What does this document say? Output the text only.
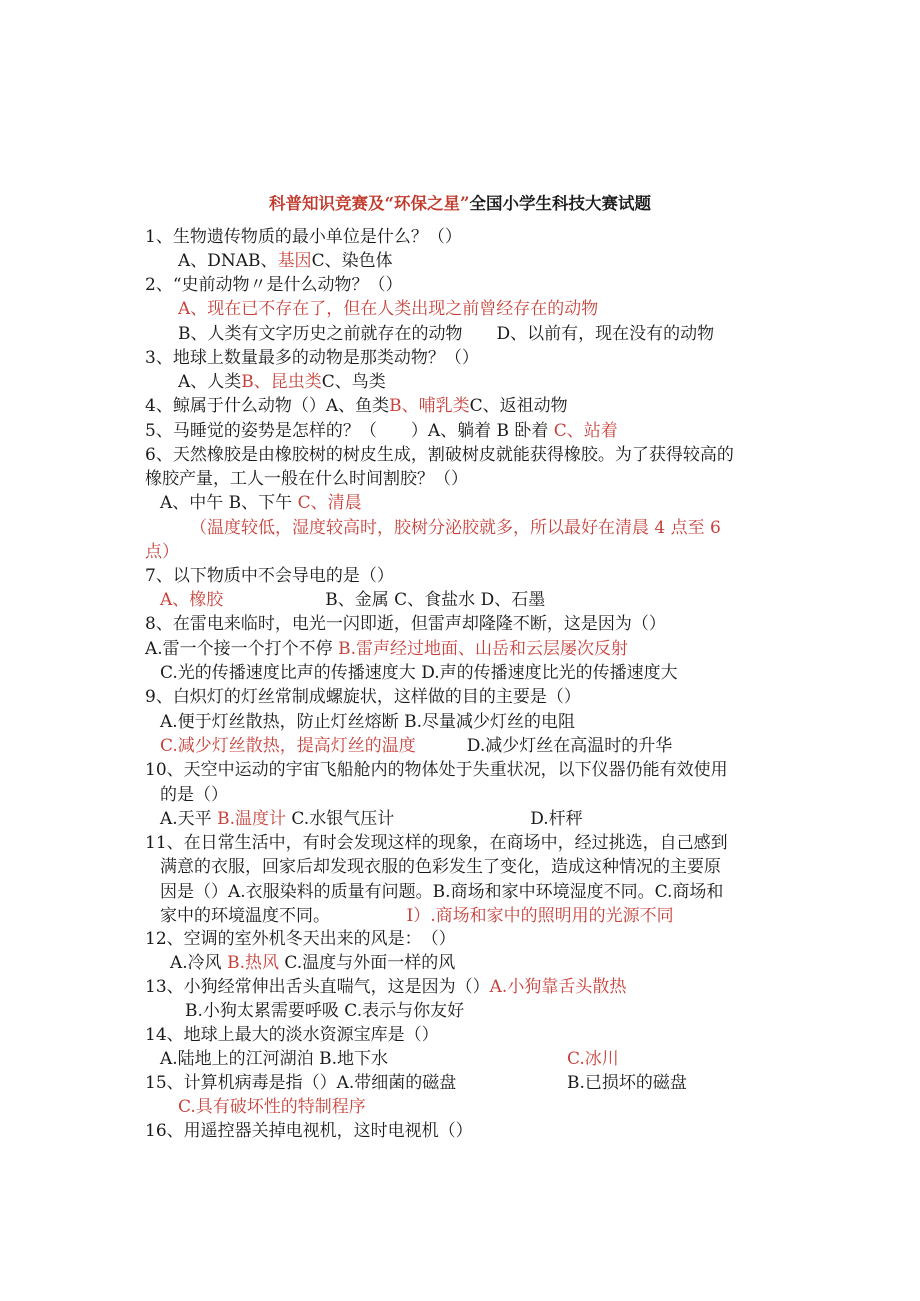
科普知识竞赛及“环保之星”全国小学生科技大赛试题
1、生物遗传物质的最小单位是什么？（）
A、DNAB、基因C、染色体
2、“史前动物〃是什么动物？（）
A、现在已不存在了，但在人类出现之前曾经存在的动物
B、人类有文字历史之前就存在的动物　　D、以前有，现在没有的动物
3、地球上数量最多的动物是那类动物？（）
A、人类B、昆虫类C、鸟类
4、鲸属于什么动物（）A、鱼类B、哺乳类C、返祖动物
5、马睡觉的姿势是怎样的？（　　）A、躺着 B 卧着 C、站着
6、天然橡胶是由橡胶树的树皮生成，割破树皮就能获得橡胶。为了获得较高的
橡胶产量，工人一般在什么时间割胶？（）
A、中午 B、下午 C、清晨
（温度较低，湿度较高时，胶树分泌胶就多，所以最好在清晨 4 点至 6
点）
7、以下物质中不会导电的是（）
A、橡胶　　　　　　B、金属 C、食盐水 D、石墨
8、在雷电来临时，电光一闪即逝，但雷声却隆隆不断，这是因为（）
A.雷一个接一个打个不停 B.雷声经过地面、山岳和云层屡次反射
C.光的传播速度比声的传播速度大 D.声的传播速度比光的传播速度大
9、白炽灯的灯丝常制成螺旋状，这样做的目的主要是（）
A.便于灯丝散热，防止灯丝熔断 B.尽量减少灯丝的电阻
C.减少灯丝散热，提高灯丝的温度　　　D.减少灯丝在高温时的升华
10、天空中运动的宇宙飞船舱内的物体处于失重状况，以下仪器仍能有效使用
的是（）
A.天平 B.温度计 C.水银气压计　　　　　　　　D.杆秤
11、在日常生活中，有时会发现这样的现象，在商场中，经过挑选，自己感到
满意的衣服，回家后却发现衣服的色彩发生了变化，造成这种情况的主要原
因是（）A.衣服染料的质量有问题。B.商场和家中环境湿度不同。C.商场和
家中的环境温度不同。　　　　　I）.商场和家中的照明用的光源不同
12、空调的室外机冬天出来的风是：　（）
A.冷风 B.热风 C.温度与外面一样的风
13、小狗经常伸出舌头直喘气，这是因为（）A.小狗靠舌头散热
B.小狗太累需要呼吸 C.表示与你友好
14、地球上最大的淡水资源宝库是（）
A.陆地上的江河湖泊 B.地下水
15、计算机病毒是指（）A.带细菌的磁盘
C.具有破坏性的特制程序
16、用遥控器关掉电视机，这时电视机（）
C.冰川
B.已损坏的磁盘
